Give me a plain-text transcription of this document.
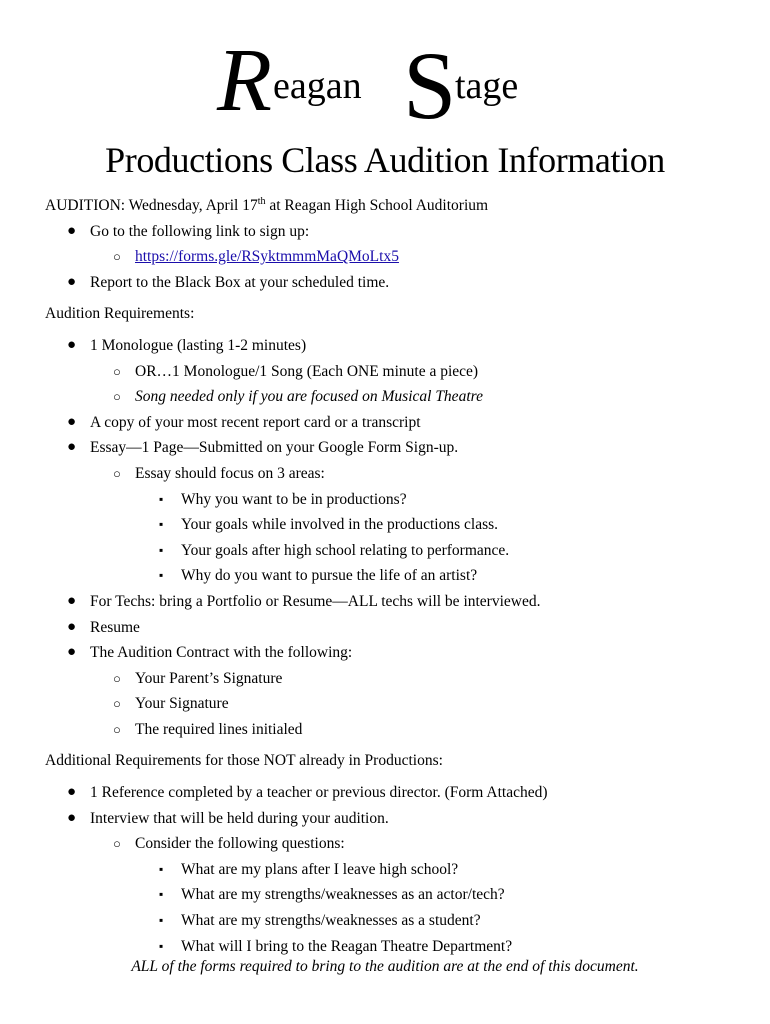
R eagan S
tage
Productions Class Audition Information
AUDITION: Wednesday, April 17th at Reagan High School Auditorium
● Go to the following link to sign up:
○ https://forms.gle/RSyktmmmMaQMoLtx5
● Report to the Black Box at your scheduled time.
Audition Requirements:
● 1 Monologue (lasting 1-2 minutes)
○ OR…1 Monologue/1 Song (Each ONE minute a piece)
○ Song needed only if you are focused on Musical Theatre
● A copy of your most recent report card or a transcript
● Essay—1 Page—Submitted on your Google Form Sign-up.
○ Essay should focus on 3 areas:
▪ Why you want to be in productions?
▪ Your goals while involved in the productions class.
▪ Your goals after high school relating to performance.
▪ Why do you want to pursue the life of an artist?
● For Techs: bring a Portfolio or Resume—ALL techs will be interviewed.
● Resume
● The Audition Contract with the following:
○ Your Parent’s Signature
○ Your Signature
○ The required lines initialed
Additional Requirements for those NOT already in Productions:
● 1 Reference completed by a teacher or previous director. (Form Attached)
● Interview that will be held during your audition.
○ Consider the following questions:
▪ What are my plans after I leave high school?
▪ What are my strengths/weaknesses as an actor/tech?
▪ What are my strengths/weaknesses as a student?
▪ What will I bring to the Reagan Theatre Department?
ALL of the forms required to bring to the audition are at the end of this document.
